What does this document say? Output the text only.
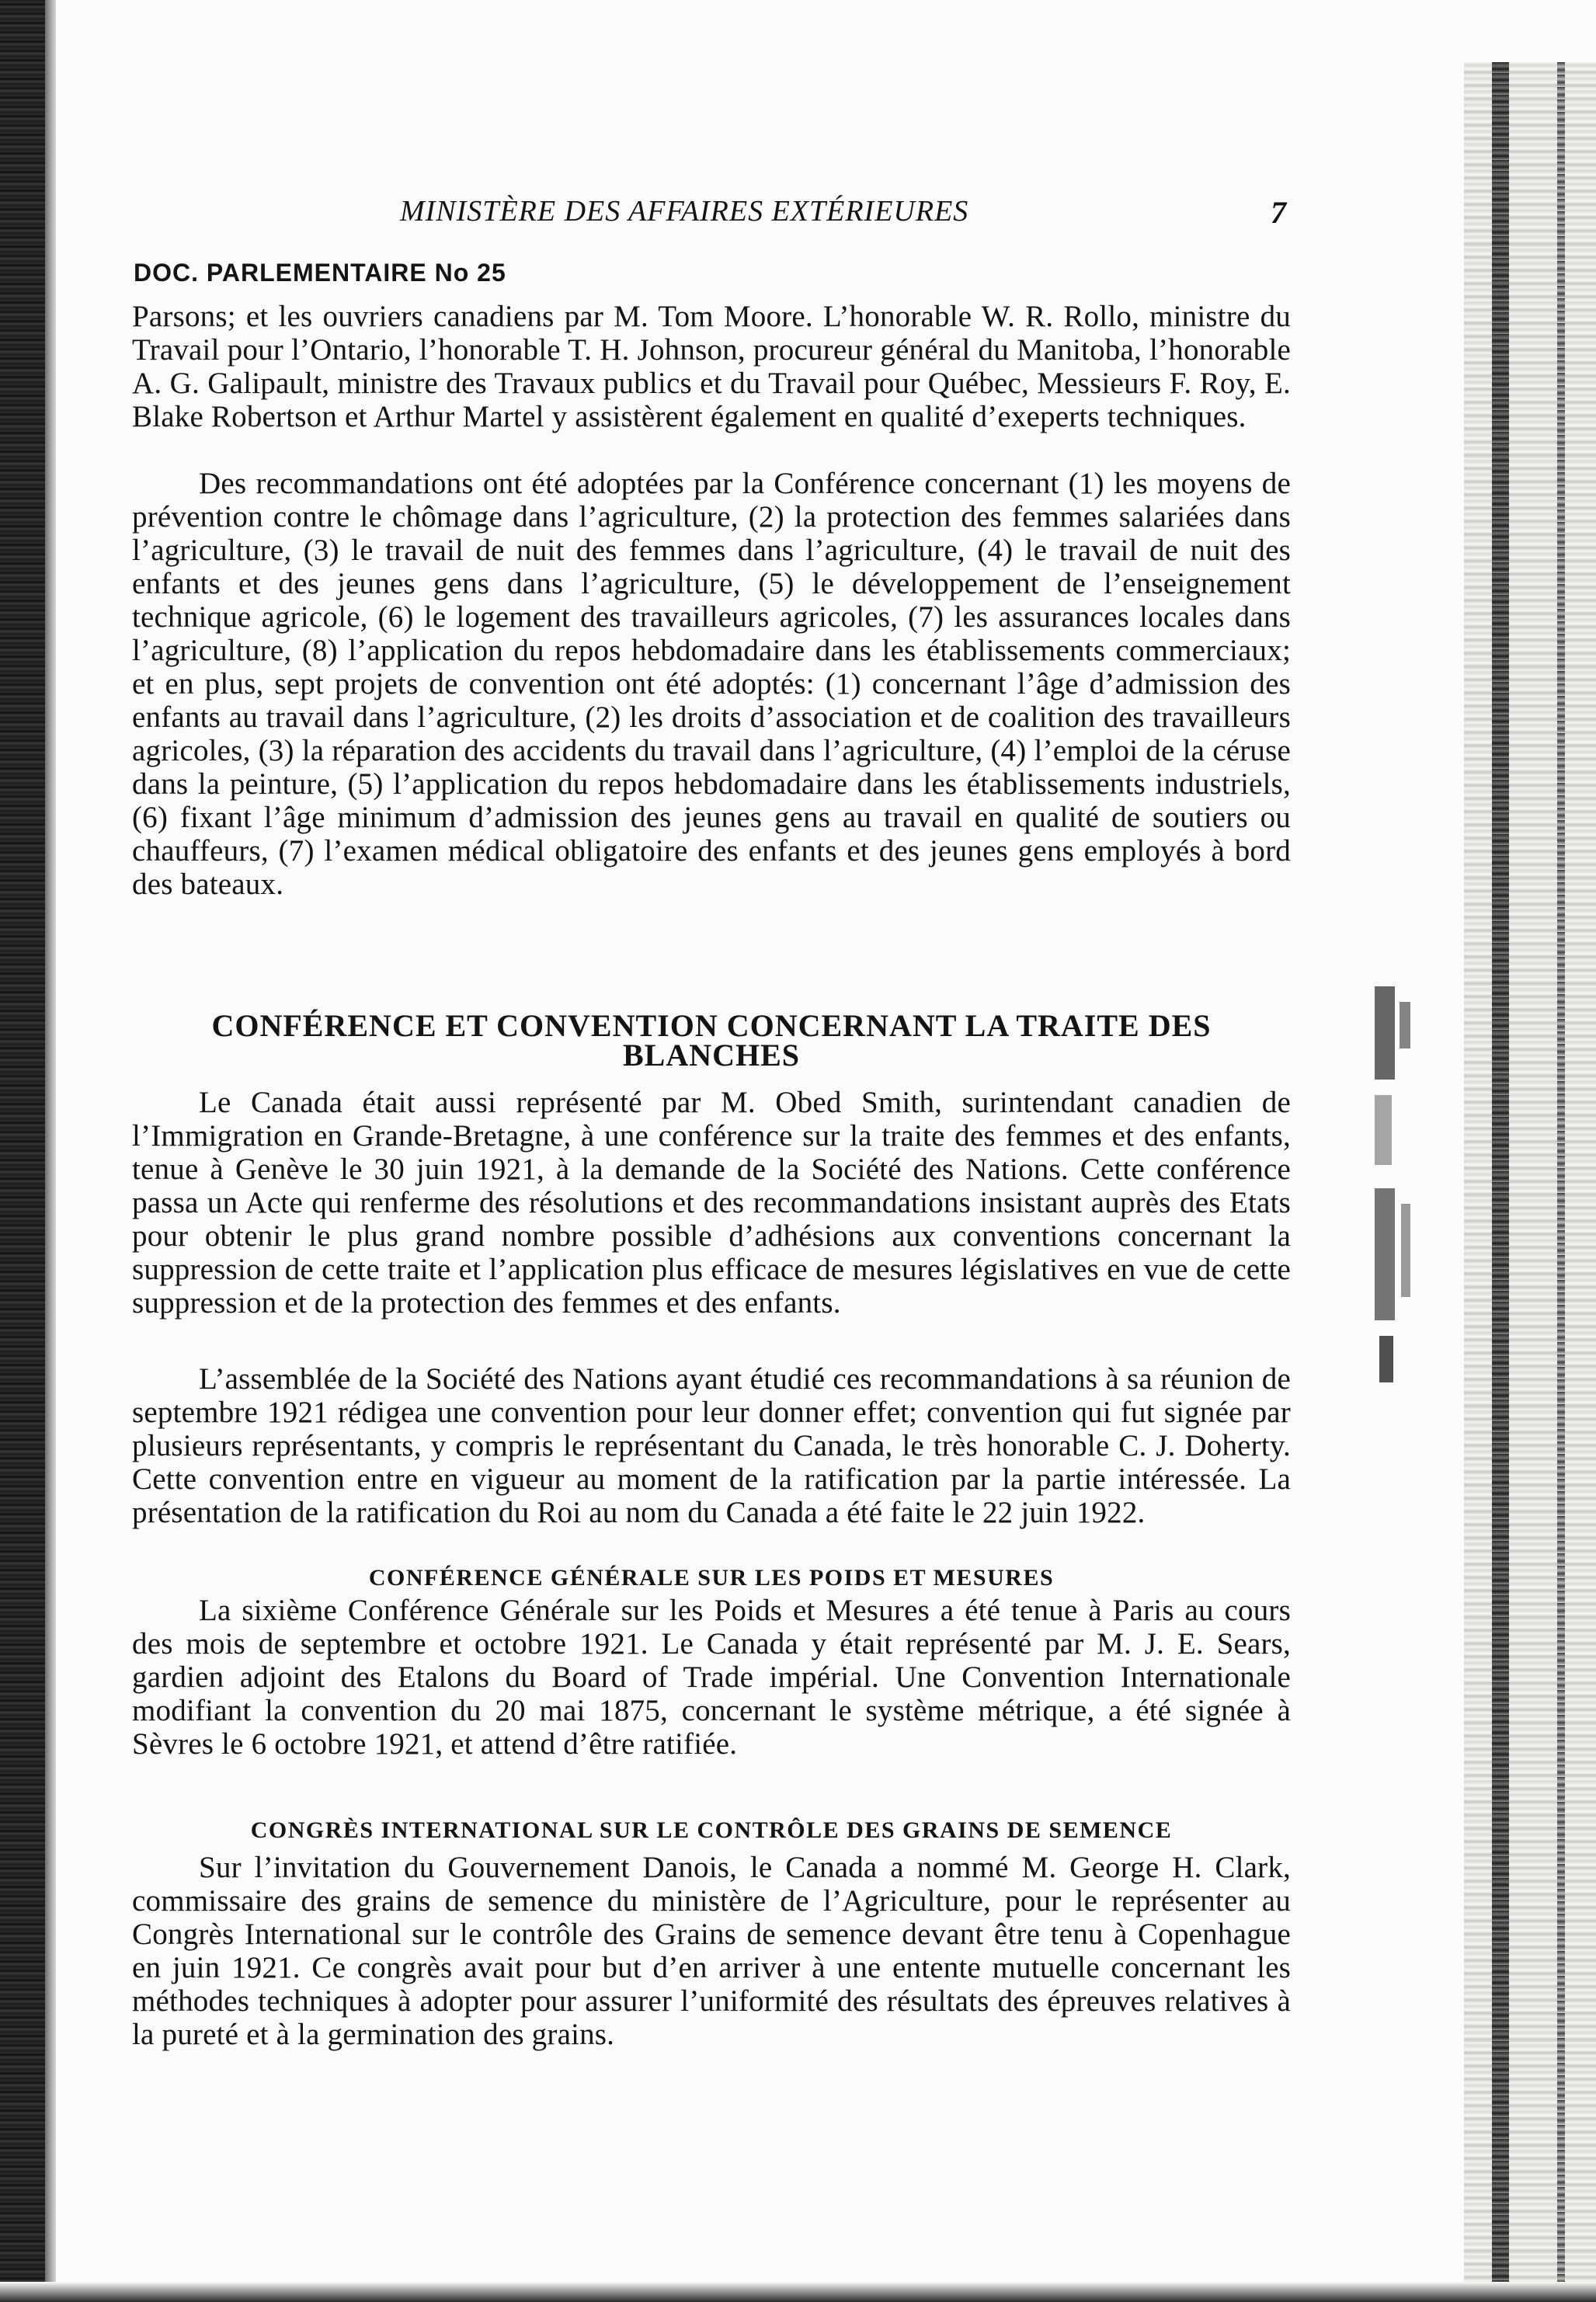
MINISTÈRE DES AFFAIRES EXTÉRIEURES	7
DOC. PARLEMENTAIRE No 25

Parsons; et les ouvriers canadiens par M. Tom Moore. L’honorable W. R. Rollo, ministre du Travail pour l’Ontario, l’honorable T. H. Johnson, procureur général du Manitoba, l’honorable A. G. Galipault, ministre des Travaux publics et du Travail pour Québec, Messieurs F. Roy, E. Blake Robertson et Arthur Martel y assistèrent également en qualité d’exeperts techniques.

Des recommandations ont été adoptées par la Conférence concernant (1) les moyens de prévention contre le chômage dans l’agriculture, (2) la protection des femmes salariées dans l’agriculture, (3) le travail de nuit des femmes dans l’agriculture, (4) le travail de nuit des enfants et des jeunes gens dans l’agriculture, (5) le développement de l’enseignement technique agricole, (6) le logement des travailleurs agricoles, (7) les assurances locales dans l’agriculture, (8) l’application du repos hebdomadaire dans les établissements commerciaux; et en plus, sept projets de convention ont été adoptés: (1) concernant l’âge d’admission des enfants au travail dans l’agriculture, (2) les droits d’association et de coalition des travailleurs agricoles, (3) la réparation des accidents du travail dans l’agriculture, (4) l’emploi de la céruse dans la peinture, (5) l’application du repos hebdomadaire dans les établissements industriels, (6) fixant l’âge minimum d’admission des jeunes gens au travail en qualité de soutiers ou chauffeurs, (7) l’examen médical obligatoire des enfants et des jeunes gens employés à bord des bateaux.

CONFÉRENCE ET CONVENTION CONCERNANT LA TRAITE DES BLANCHES

Le Canada était aussi représenté par M. Obed Smith, surintendant canadien de l’Immigration en Grande-Bretagne, à une conférence sur la traite des femmes et des enfants, tenue à Genève le 30 juin 1921, à la demande de la Société des Nations. Cette conférence passa un Acte qui renferme des résolutions et des recommandations insistant auprès des Etats pour obtenir le plus grand nombre possible d’adhésions aux conventions concernant la suppression de cette traite et l’application plus efficace de mesures législatives en vue de cette suppression et de la protection des femmes et des enfants.

L’assemblée de la Société des Nations ayant étudié ces recommandations à sa réunion de septembre 1921 rédigea une convention pour leur donner effet; convention qui fut signée par plusieurs représentants, y compris le représentant du Canada, le très honorable C. J. Doherty. Cette convention entre en vigueur au moment de la ratification par la partie intéressée. La présentation de la ratification du Roi au nom du Canada a été faite le 22 juin 1922.

CONFÉRENCE GÉNÉRALE SUR LES POIDS ET MESURES

La sixième Conférence Générale sur les Poids et Mesures a été tenue à Paris au cours des mois de septembre et octobre 1921. Le Canada y était représenté par M. J. E. Sears, gardien adjoint des Etalons du Board of Trade impérial. Une Convention Internationale modifiant la convention du 20 mai 1875, concernant le système métrique, a été signée à Sèvres le 6 octobre 1921, et attend d’être ratifiée.

CONGRÈS INTERNATIONAL SUR LE CONTRÔLE DES GRAINS DE SEMENCE

Sur l’invitation du Gouvernement Danois, le Canada a nommé M. George H. Clark, commissaire des grains de semence du ministère de l’Agriculture, pour le représenter au Congrès International sur le contrôle des Grains de semence devant être tenu à Copenhague en juin 1921. Ce congrès avait pour but d’en arriver à une entente mutuelle concernant les méthodes techniques à adopter pour assurer l’uniformité des résultats des épreuves relatives à la pureté et à la germination des grains.
